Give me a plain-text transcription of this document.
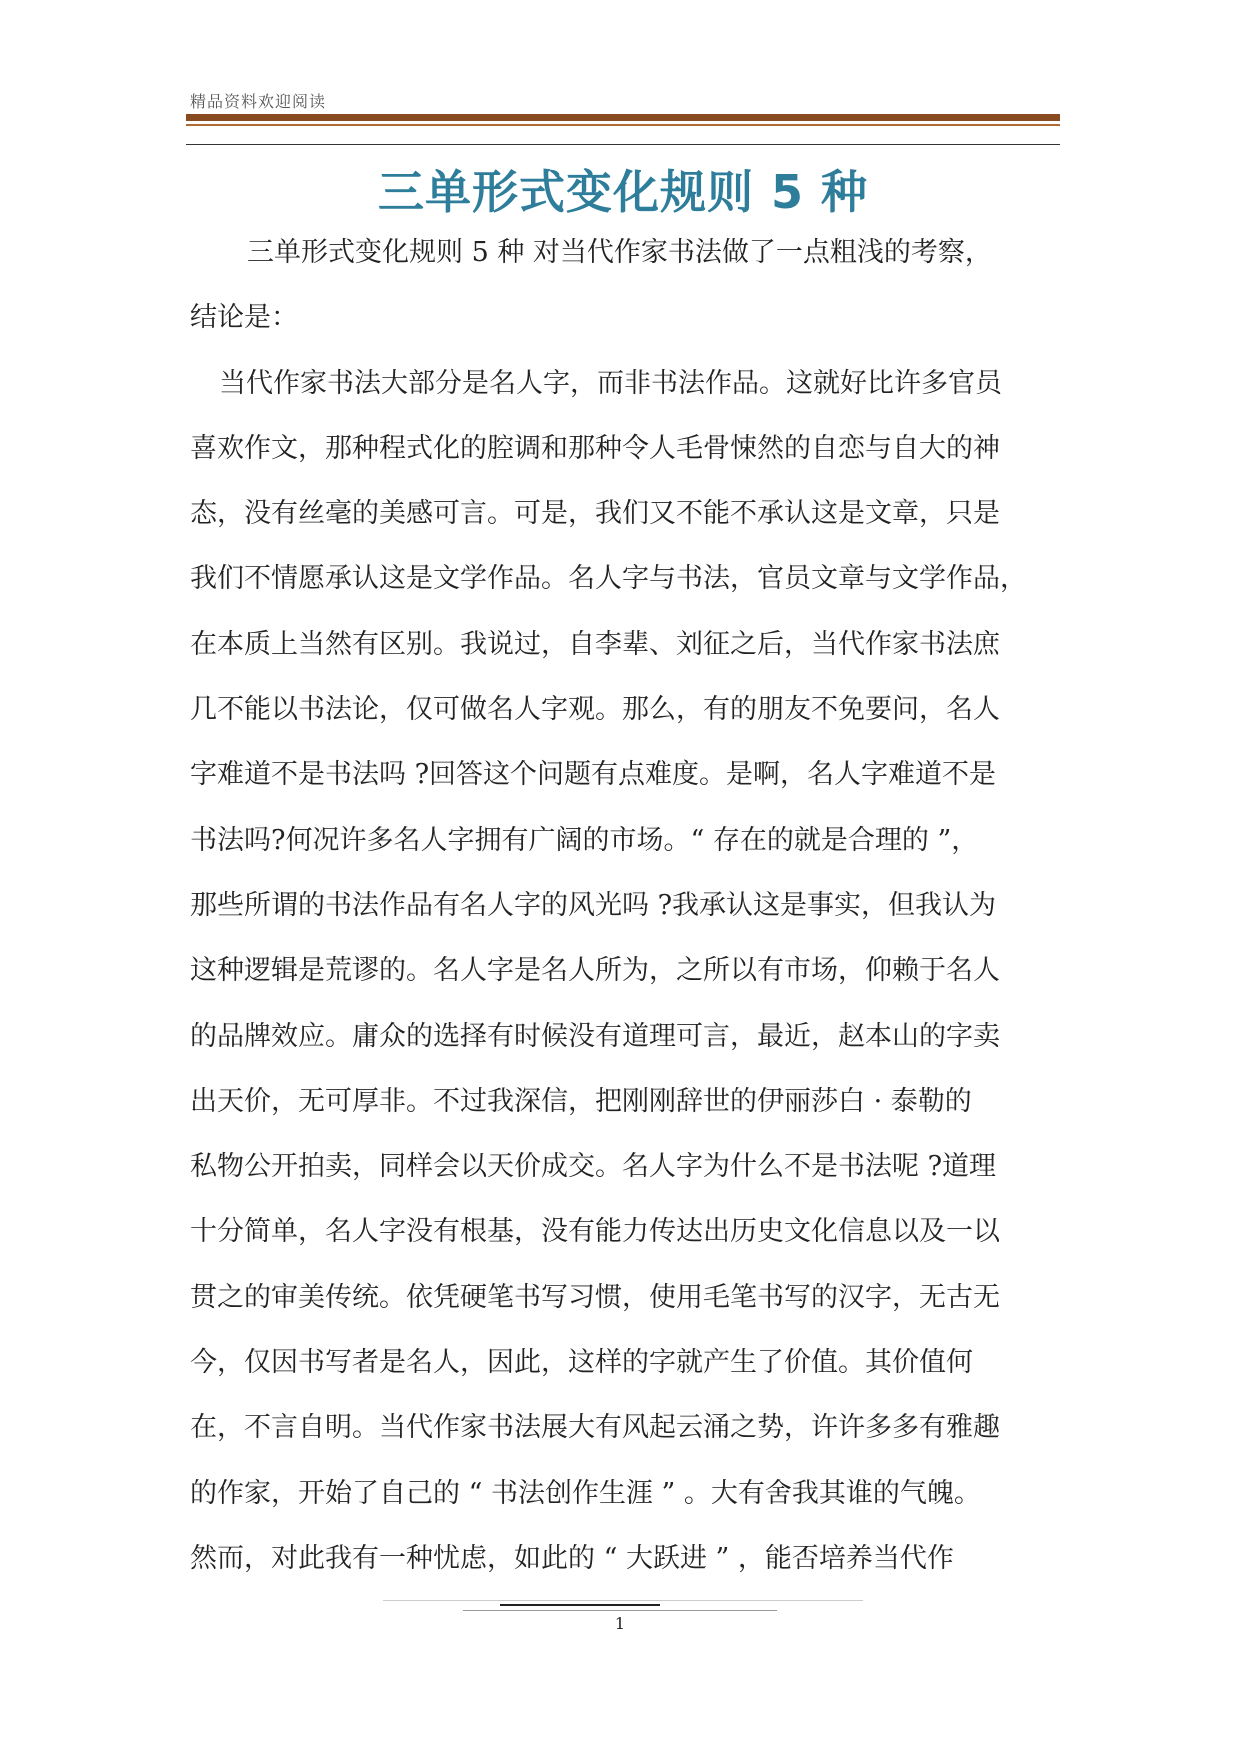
精品资料欢迎阅读
三单形式变化规则 5 种
三单形式变化规则 5 种 对当代作家书法做了一点粗浅的考察，
结论是：
当代作家书法大部分是名人字，而非书法作品。这就好比许多官员
喜欢作文，那种程式化的腔调和那种令人毛骨悚然的自恋与自大的神
态，没有丝毫的美感可言。可是，我们又不能不承认这是文章，只是
我们不情愿承认这是文学作品。名人字与书法，官员文章与文学作品，
在本质上当然有区别。我说过，自李辈、刘征之后，当代作家书法庶
几不能以书法论，仅可做名人字观。那么，有的朋友不免要问，名人
字难道不是书法吗 ?回答这个问题有点难度。是啊，名人字难道不是
书法吗?何况许多名人字拥有广阔的市场。“ 存在的就是合理的 ”，
那些所谓的书法作品有名人字的风光吗 ?我承认这是事实，但我认为
这种逻辑是荒谬的。名人字是名人所为，之所以有市场，仰赖于名人
的品牌效应。庸众的选择有时候没有道理可言，最近，赵本山的字卖
出天价，无可厚非。不过我深信，把刚刚辞世的伊丽莎白 · 泰勒的
私物公开拍卖，同样会以天价成交。名人字为什么不是书法呢 ?道理
十分简单，名人字没有根基，没有能力传达出历史文化信息以及一以
贯之的审美传统。依凭硬笔书写习惯，使用毛笔书写的汉字，无古无
今，仅因书写者是名人，因此，这样的字就产生了价值。其价值何
在，不言自明。当代作家书法展大有风起云涌之势，许许多多有雅趣
的作家，开始了自己的 “ 书法创作生涯 ” 。大有舍我其谁的气魄。
然而，对此我有一种忧虑，如此的 “ 大跃进 ” ，能否培养当代作
1
